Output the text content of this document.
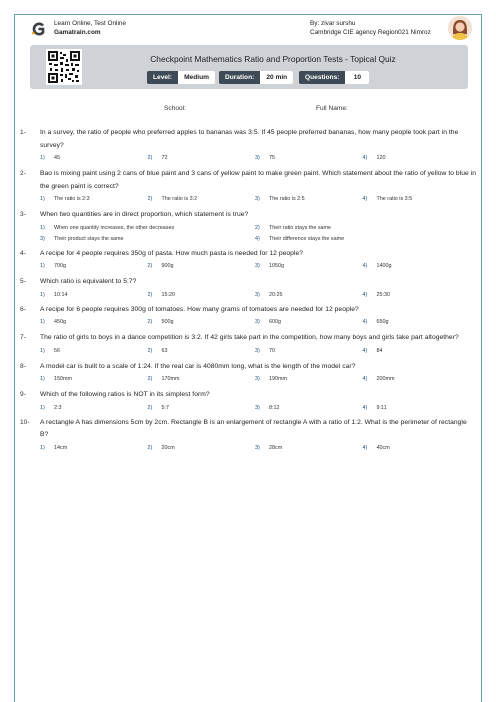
Learn Online, Test Online
Gamatrain.com
By: zivar surshu
Cambridge CIE agency Region021 Nimroz
Checkpoint Mathematics Ratio and Proportion Tests - Topical Quiz
Level:	Medium	Duration:	20 min	Questions:	10
School:	Full Name:
1- In a survey, the ratio of people who preferred apples to bananas was 3:5. If 45 people preferred bananas, how many people took part in the survey?
1)	45	2)	72	3)	75	4)	120
2- Bao is mixing paint using 2 cans of blue paint and 3 cans of yellow paint to make green paint. Which statement about the ratio of yellow to blue in the green paint is correct?
1)	The ratio is 2:3	2)	The ratio is 3:2	3)	The ratio is 2:5	4)	The ratio is 3:5
3- When two quantities are in direct proportion, which statement is true?
1)	When one quantity increases, the other decreases	2)	Their ratio stays the same
3)	Their product stays the same	4)	Their difference stays the same
4- A recipe for 4 people requires 350g of pasta. How much pasta is needed for 12 people?
1)	700g	2)	900g	3)	1050g	4)	1400g
5- Which ratio is equivalent to 5:7?
1)	10:14	2)	15:20	3)	20:25	4)	25:30
6- A recipe for 6 people requires 300g of tomatoes. How many grams of tomatoes are needed for 12 people?
1)	450g	2)	500g	3)	600g	4)	650g
7- The ratio of girls to boys in a dance competition is 3:2. If 42 girls take part in the competition, how many boys and girls take part altogether?
1)	56	2)	63	3)	70	4)	84
8- A model car is built to a scale of 1:24. If the real car is 4080mm long, what is the length of the model car?
1)	150mm	2)	170mm	3)	190mm	4)	200mm
9- Which of the following ratios is NOT in its simplest form?
1)	2:3	2)	5:7	3)	8:12	4)	9:11
10- A rectangle A has dimensions 5cm by 2cm. Rectangle B is an enlargement of rectangle A with a ratio of 1:2. What is the perimeter of rectangle B?
1)	14cm	2)	20cm	3)	28cm	4)	40cm
